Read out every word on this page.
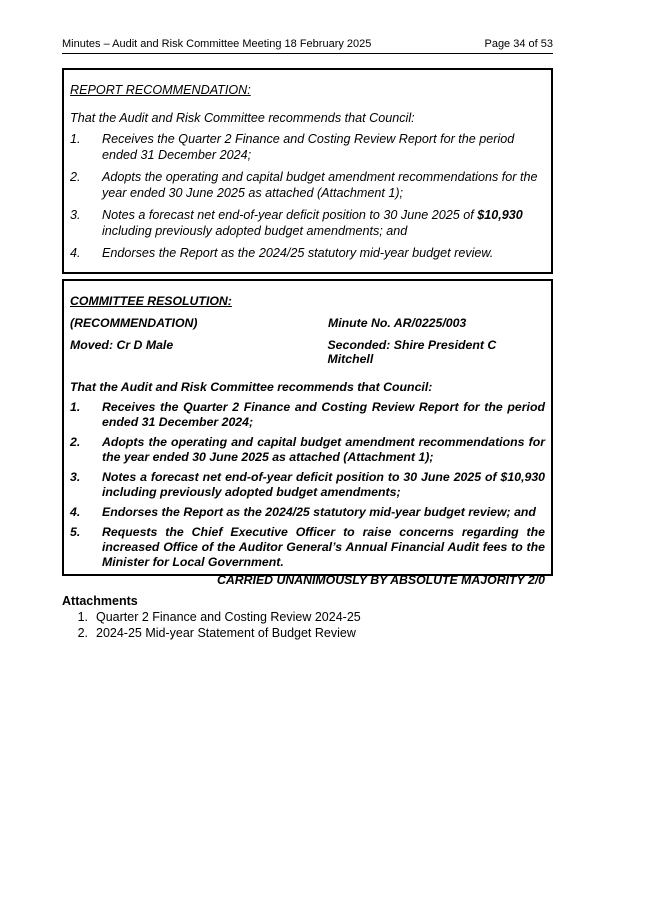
Minutes – Audit and Risk Committee Meeting 18 February 2025	Page 34 of 53
REPORT RECOMMENDATION:
That the Audit and Risk Committee recommends that Council:
1.	Receives the Quarter 2 Finance and Costing Review Report for the period ended 31 December 2024;
2.	Adopts the operating and capital budget amendment recommendations for the year ended 30 June 2025 as attached (Attachment 1);
3.	Notes a forecast net end-of-year deficit position to 30 June 2025 of $10,930 including previously adopted budget amendments; and
4.	Endorses the Report as the 2024/25 statutory mid-year budget review.
COMMITTEE RESOLUTION:
(RECOMMENDATION)	Minute No. AR/0225/003
Moved: Cr D Male	Seconded: Shire President C Mitchell
That the Audit and Risk Committee recommends that Council:
1.	Receives the Quarter 2 Finance and Costing Review Report for the period ended 31 December 2024;
2.	Adopts the operating and capital budget amendment recommendations for the year ended 30 June 2025 as attached (Attachment 1);
3.	Notes a forecast net end-of-year deficit position to 30 June 2025 of $10,930 including previously adopted budget amendments;
4.	Endorses the Report as the 2024/25 statutory mid-year budget review; and
5.	Requests the Chief Executive Officer to raise concerns regarding the increased Office of the Auditor General’s Annual Financial Audit fees to the Minister for Local Government.
CARRIED UNANIMOUSLY BY ABSOLUTE MAJORITY 2/0
Attachments
1. Quarter 2 Finance and Costing Review 2024-25
2. 2024-25 Mid-year Statement of Budget Review
